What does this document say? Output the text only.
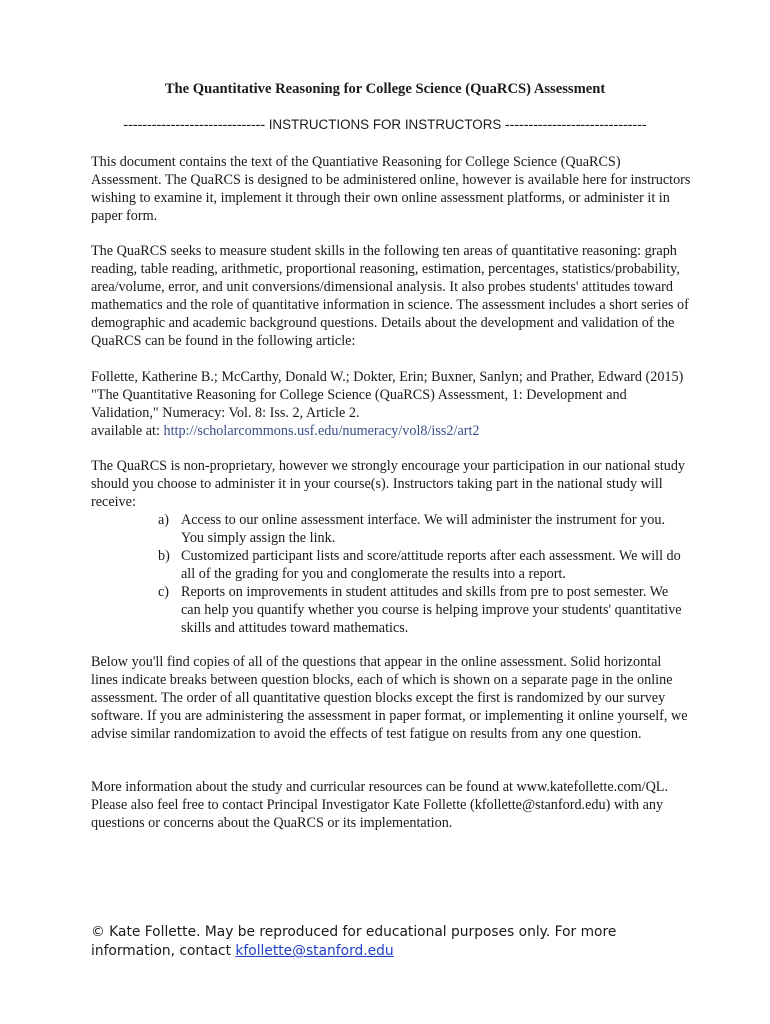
The Quantitative Reasoning for College Science (QuaRCS) Assessment
------------------------------ INSTRUCTIONS FOR INSTRUCTORS ------------------------------

This document contains the text of the Quantiative Reasoning for College Science (QuaRCS) Assessment. The QuaRCS is designed to be administered online, however is available here for instructors wishing to examine it, implement it through their own online assessment platforms, or administer it in paper form.

The QuaRCS seeks to measure student skills in the following ten areas of quantitative reasoning: graph reading, table reading, arithmetic, proportional reasoning, estimation, percentages, statistics/probability, area/volume, error, and unit conversions/dimensional analysis. It also probes students' attitudes toward mathematics and the role of quantitative information in science. The assessment includes a short series of demographic and academic background questions. Details about the development and validation of the QuaRCS can be found in the following article:

Follette, Katherine B.; McCarthy, Donald W.; Dokter, Erin; Buxner, Sanlyn; and Prather, Edward (2015) "The Quantitative Reasoning for College Science (QuaRCS) Assessment, 1: Development and Validation," Numeracy: Vol. 8: Iss. 2, Article 2.
available at: http://scholarcommons.usf.edu/numeracy/vol8/iss2/art2

The QuaRCS is non-proprietary, however we strongly encourage your participation in our national study should you choose to administer it in your course(s). Instructors taking part in the national study will receive:

a) Access to our online assessment interface. We will administer the instrument for you. You simply assign the link.
b) Customized participant lists and score/attitude reports after each assessment. We will do all of the grading for you and conglomerate the results into a report.
c) Reports on improvements in student attitudes and skills from pre to post semester. We can help you quantify whether you course is helping improve your students' quantitative skills and attitudes toward mathematics.

Below you'll find copies of all of the questions that appear in the online assessment. Solid horizontal lines indicate breaks between question blocks, each of which is shown on a separate page in the online assessment. The order of all quantitative question blocks except the first is randomized by our survey software. If you are administering the assessment in paper format, or implementing it online yourself, we advise similar randomization to avoid the effects of test fatigue on results from any one question.

More information about the study and curricular resources can be found at www.katefollette.com/QL. Please also feel free to contact Principal Investigator Kate Follette (kfollette@stanford.edu) with any questions or concerns about the QuaRCS or its implementation.

© Kate Follette. May be reproduced for educational purposes only. For more information, contact kfollette@stanford.edu
